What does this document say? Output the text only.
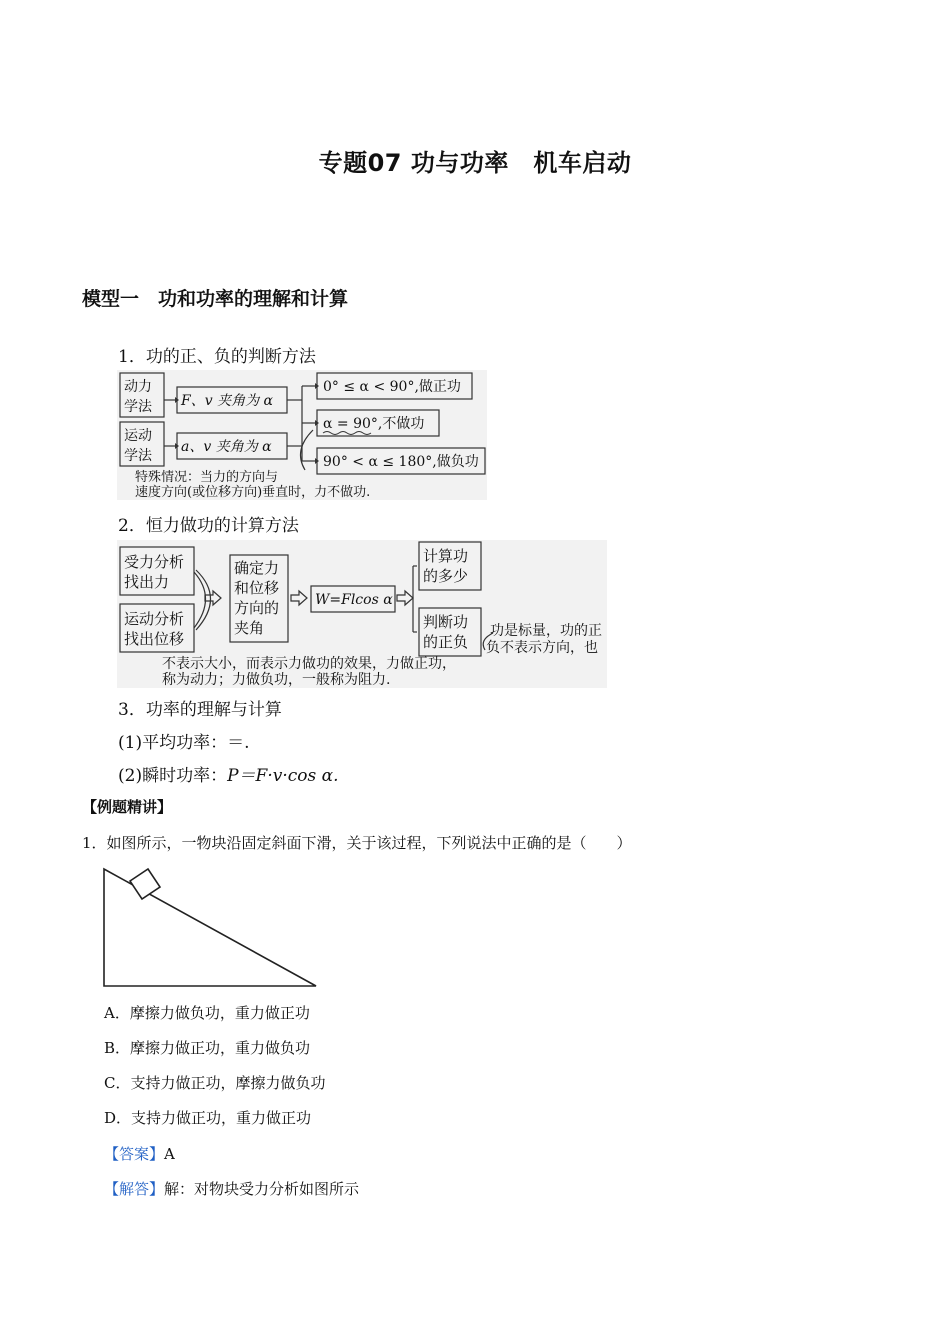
专题07 功与功率　机车启动
模型一　功和功率的理解和计算
1．功的正、负的判断方法
动力
学法
运动
学法
F、v 夹角为 α
a、v 夹角为 α
0° ≤ α < 90°,做正功
α = 90°,不做功
90° < α ≤ 180°,做负功
特殊情况：当力的方向与
速度方向(或位移方向)垂直时，力不做功.
2．恒力做功的计算方法
受力分析
找出力
运动分析
找出位移
确定力
和位移
方向的
夹角
W=Flcos α
计算功
的多少
判断功
的正负
功是标量，功的正
负不表示方向，也
不表示大小，而表示力做功的效果，力做正功，
称为动力；力做负功，一般称为阻力.
3．功率的理解与计算
(1)平均功率：＝.
(2)瞬时功率：P＝F·v·cos α.
【例题精讲】
1．如图所示，一物块沿固定斜面下滑，关于该过程，下列说法中正确的是（　　）
A．摩擦力做负功，重力做正功
B．摩擦力做正功，重力做负功
C．支持力做正功，摩擦力做负功
D．支持力做正功，重力做正功
【答案】A
【解答】解：对物块受力分析如图所示
